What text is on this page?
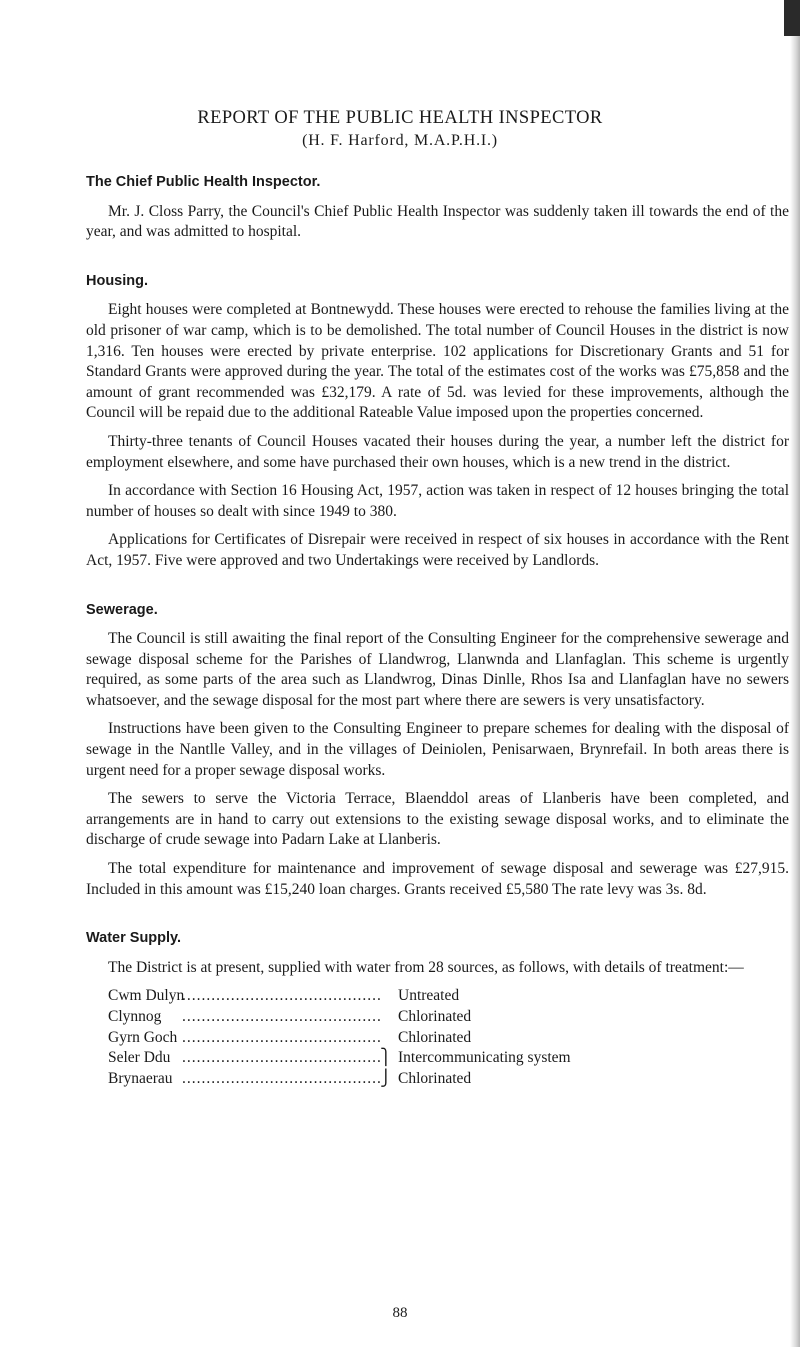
REPORT OF THE PUBLIC HEALTH INSPECTOR
(H. F. Harford, M.A.P.H.I.)
The Chief Public Health Inspector.

Mr. J. Closs Parry, the Council's Chief Public Health Inspector was suddenly taken ill towards the end of the year, and was admitted to hospital.

Housing.

Eight houses were completed at Bontnewydd. These houses were erected to rehouse the families living at the old prisoner of war camp, which is to be demolished. The total number of Council Houses in the district is now 1,316. Ten houses were erected by private enterprise. 102 applications for Discretionary Grants and 51 for Standard Grants were approved during the year. The total of the estimates cost of the works was £75,858 and the amount of grant recommended was £32,179. A rate of 5d. was levied for these improvements, although the Council will be repaid due to the additional Rateable Value imposed upon the properties concerned.

Thirty-three tenants of Council Houses vacated their houses during the year, a number left the district for employment elsewhere, and some have purchased their own houses, which is a new trend in the district.

In accordance with Section 16 Housing Act, 1957, action was taken in respect of 12 houses bringing the total number of houses so dealt with since 1949 to 380.

Applications for Certificates of Disrepair were received in respect of six houses in accordance with the Rent Act, 1957. Five were approved and two Undertakings were received by Landlords.

Sewerage.

The Council is still awaiting the final report of the Consulting Engineer for the comprehensive sewerage and sewage disposal scheme for the Parishes of Llandwrog, Llanwnda and Llanfaglan. This scheme is urgently required, as some parts of the area such as Llandwrog, Dinas Dinlle, Rhos Isa and Llanfaglan have no sewers whatsoever, and the sewage disposal for the most part where there are sewers is very unsatisfactory.

Instructions have been given to the Consulting Engineer to prepare schemes for dealing with the disposal of sewage in the Nantlle Valley, and in the villages of Deiniolen, Penisarwaen, Brynrefail. In both areas there is urgent need for a proper sewage disposal works.

The sewers to serve the Victoria Terrace, Blaenddol areas of Llanberis have been completed, and arrangements are in hand to carry out extensions to the existing sewage disposal works, and to eliminate the discharge of crude sewage into Padarn Lake at Llanberis.

The total expenditure for maintenance and improvement of sewage disposal and sewerage was £27,915. Included in this amount was £15,240 loan charges. Grants received £5,580 The rate levy was 3s. 8d.

Water Supply.

The District is at present, supplied with water from 28 sources, as follows, with details of treatment:—

Cwm Dulyn .....	Untreated
Clynnog .....	Chlorinated
Gyrn Goch .....	Chlorinated
Seler Ddu .....	⎫ Intercommunicating system
Brynaerau .....	⎭ Chlorinated
88
